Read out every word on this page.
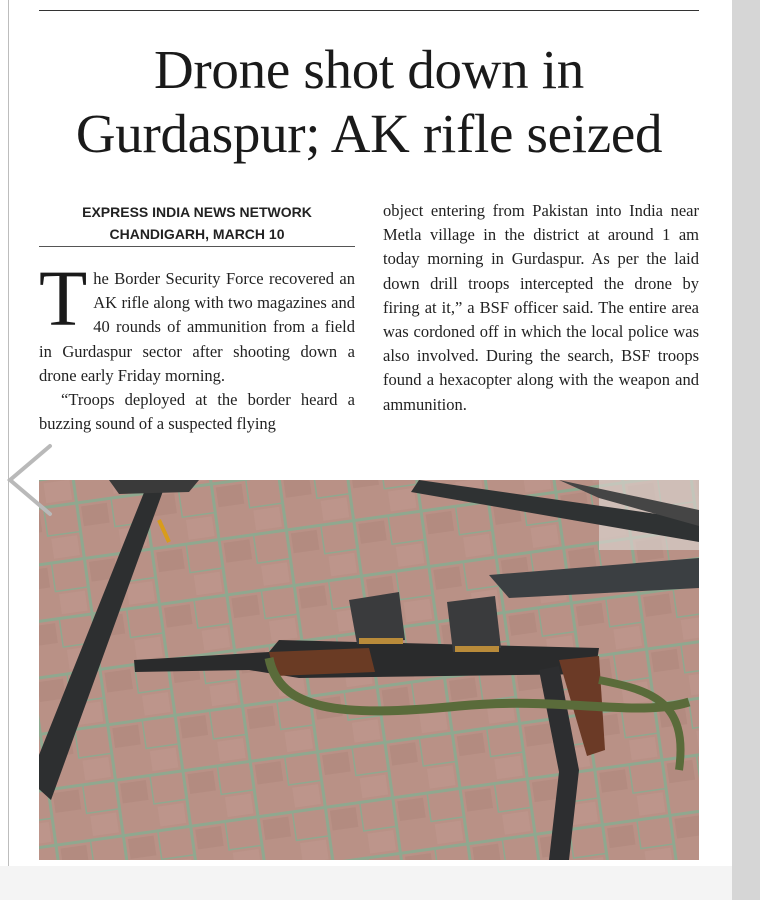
Drone shot down in
Gurdaspur; AK rifle seized
EXPRESS INDIA NEWS NETWORK
CHANDIGARH, MARCH 10

The Border Security Force recovered an AK rifle along with two magazines and 40 rounds of ammunition from a field in Gurdaspur sector after shooting down a drone early Friday morning.

“Troops deployed at the border heard a buzzing sound of a suspected flying

object entering from Pakistan into India near Metla village in the district at around 1 am today morning in Gurdaspur. As per the laid down drill troops intercepted the drone by firing at it,” a BSF officer said. The entire area was cordoned off in which the local police was also involved. During the search, BSF troops found a hexacopter along with the weapon and ammunition.
